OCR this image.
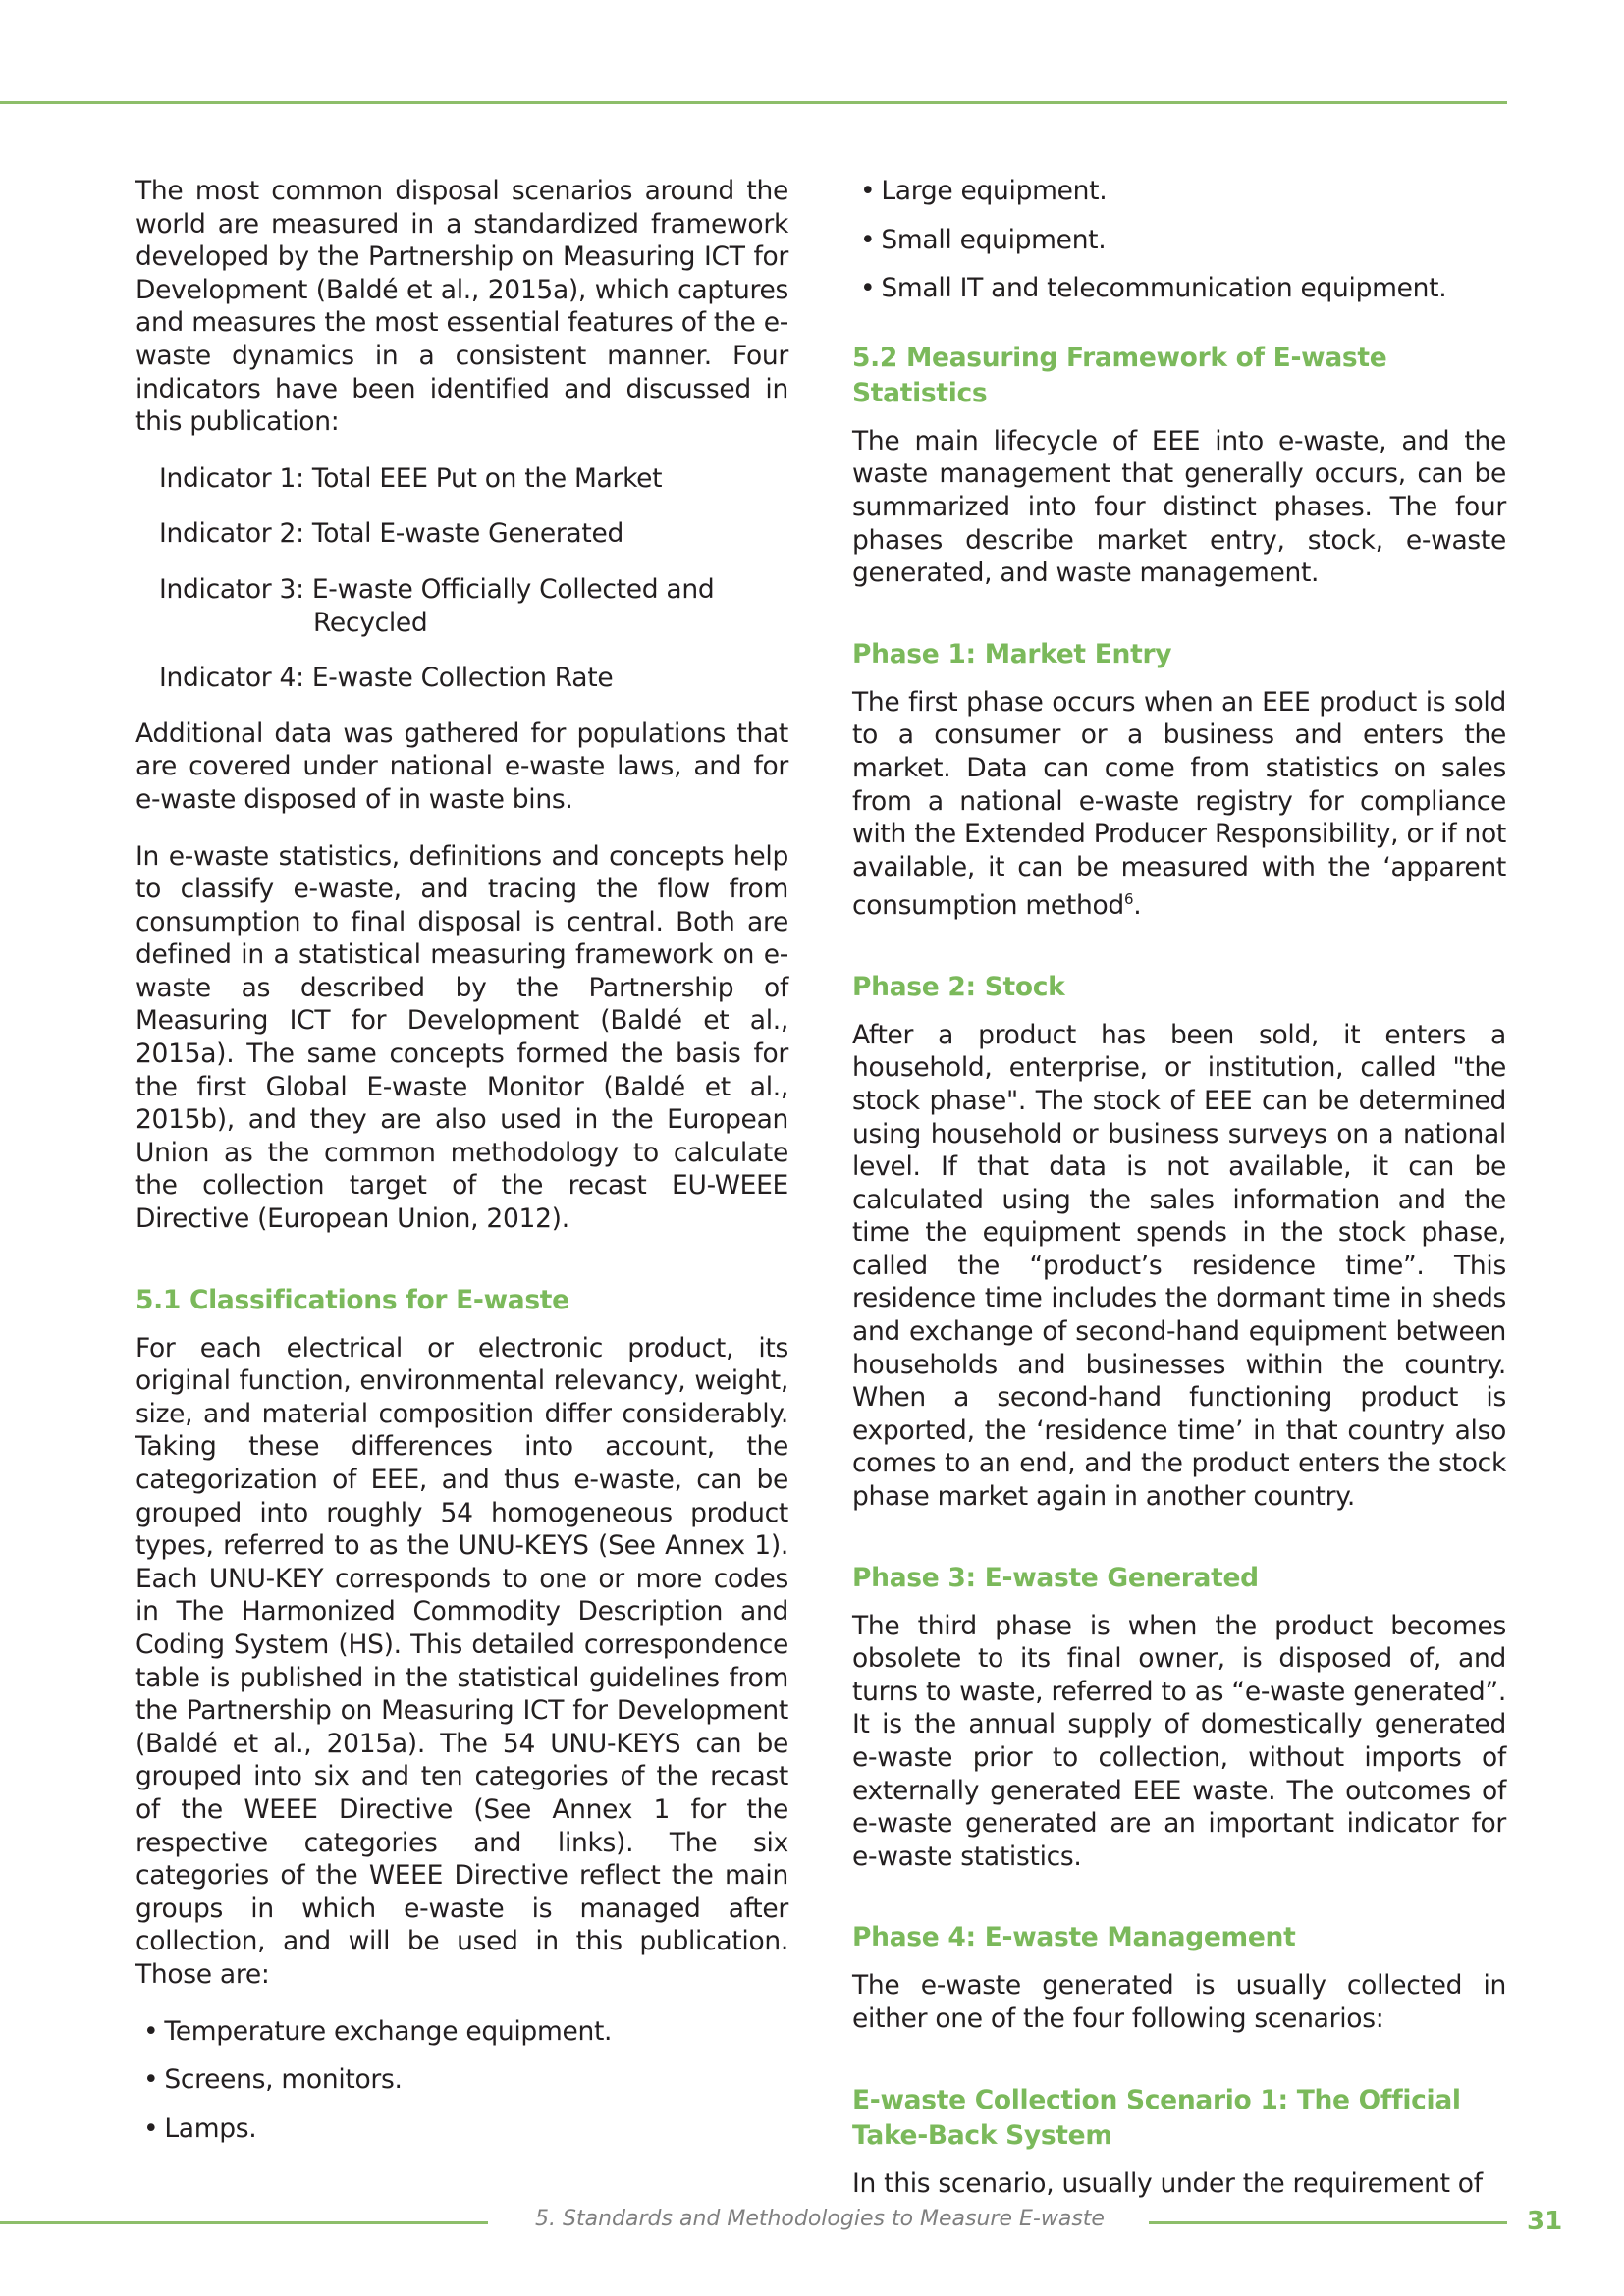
The most common disposal scenarios around the world are measured in a standardized framework developed by the Partnership on Measuring ICT for Development (Baldé et al., 2015a), which captures and measures the most essential features of the e-waste dynamics in a consistent manner. Four indicators have been identified and discussed in this publication:

Indicator 1: Total EEE Put on the Market
Indicator 2: Total E-waste Generated
Indicator 3: E-waste Officially Collected and
Recycled
Indicator 4: E-waste Collection Rate

Additional data was gathered for populations that are covered under national e-waste laws, and for e-waste disposed of in waste bins.

In e-waste statistics, definitions and concepts help to classify e-waste, and tracing the flow from consumption to final disposal is central. Both are defined in a statistical measuring framework on e-waste as described by the Partnership of Measuring ICT for Development (Baldé et al., 2015a). The same concepts formed the basis for the first Global E-waste Monitor (Baldé et al., 2015b), and they are also used in the European Union as the common methodology to calculate the collection target of the recast EU-WEEE Directive (European Union, 2012).

5.1 Classifications for E-waste

For each electrical or electronic product, its original function, environmental relevancy, weight, size, and material composition differ considerably. Taking these differences into account, the categorization of EEE, and thus e-waste, can be grouped into roughly 54 homogeneous product types, referred to as the UNU-KEYS (See Annex 1). Each UNU-KEY corresponds to one or more codes in The Harmonized Commodity Description and Coding System (HS). This detailed correspondence table is published in the statistical guidelines from the Partnership on Measuring ICT for Development (Baldé et al., 2015a). The 54 UNU-KEYS can be grouped into six and ten categories of the recast of the WEEE Directive (See Annex 1 for the respective categories and links). The six categories of the WEEE Directive reflect the main groups in which e-waste is managed after collection, and will be used in this publication. Those are:

• Temperature exchange equipment.
• Screens, monitors.
• Lamps.
• Large equipment.
• Small equipment.
• Small IT and telecommunication equipment.
5.2 Measuring Framework of E-waste Statistics

The main lifecycle of EEE into e-waste, and the waste management that generally occurs, can be summarized into four distinct phases. The four phases describe market entry, stock, e-waste generated, and waste management.

Phase 1: Market Entry

The first phase occurs when an EEE product is sold to a consumer or a business and enters the market. Data can come from statistics on sales from a national e-waste registry for compliance with the Extended Producer Responsibility, or if not available, it can be measured with the ‘apparent consumption method$^6$.

Phase 2: Stock

After a product has been sold, it enters a household, enterprise, or institution, called "the stock phase". The stock of EEE can be determined using household or business surveys on a national level. If that data is not available, it can be calculated using the sales information and the time the equipment spends in the stock phase, called the “product’s residence time”. This residence time includes the dormant time in sheds and exchange of second-hand equipment between households and businesses within the country. When a second-hand functioning product is exported, the ‘residence time’ in that country also comes to an end, and the product enters the stock phase market again in another country.

Phase 3: E-waste Generated

The third phase is when the product becomes obsolete to its final owner, is disposed of, and turns to waste, referred to as “e-waste generated”. It is the annual supply of domestically generated e-waste prior to collection, without imports of externally generated EEE waste. The outcomes of e-waste generated are an important indicator for e-waste statistics.

Phase 4: E-waste Management

The e-waste generated is usually collected in either one of the four following scenarios:

E-waste Collection Scenario 1: The Official Take-Back System

In this scenario, usually under the requirement of

5. Standards and Methodologies to Measure E-waste	31
